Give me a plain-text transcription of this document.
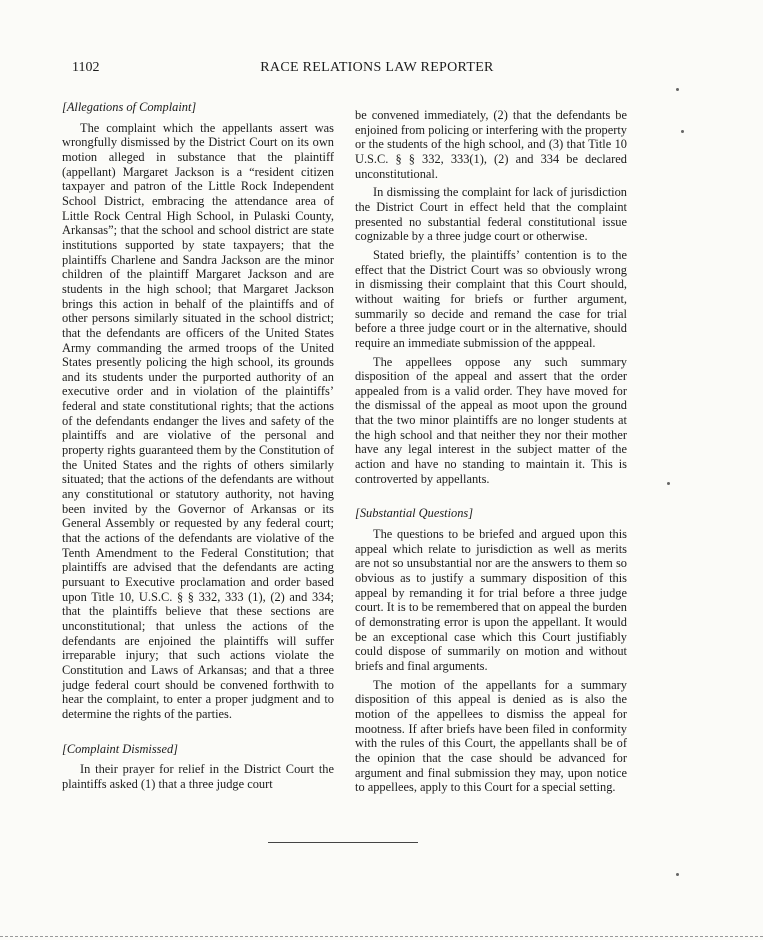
1102	RACE RELATIONS LAW REPORTER
[Allegations of Complaint]

The complaint which the appellants assert was wrongfully dismissed by the District Court on its own motion alleged in substance that the plaintiff (appellant) Margaret Jackson is a “resident citizen taxpayer and patron of the Little Rock Independent School District, embracing the attendance area of Little Rock Central High School, in Pulaski County, Arkansas”; that the school and school district are state institutions supported by state taxpayers; that the plaintiffs Charlene and Sandra Jackson are the minor children of the plaintiff Margaret Jackson and are students in the high school; that Margaret Jackson brings this action in behalf of the plaintiffs and of other persons similarly situated in the school district; that the defendants are officers of the United States Army commanding the armed troops of the United States presently policing the high school, its grounds and its students under the purported authority of an executive order and in violation of the plaintiffs’ federal and state constitutional rights; that the actions of the defendants endanger the lives and safety of the plaintiffs and are violative of the personal and property rights guaranteed them by the Constitution of the United States and the rights of others similarly situated; that the actions of the defendants are without any constitutional or statutory authority, not having been invited by the Governor of Arkansas or its General Assembly or requested by any federal court; that the actions of the defendants are violative of the Tenth Amendment to the Federal Constitution; that plaintiffs are advised that the defendants are acting pursuant to Executive proclamation and order based upon Title 10, U.S.C. § § 332, 333 (1), (2) and 334; that the plaintiffs believe that these sections are unconstitutional; that unless the actions of the defendants are enjoined the plaintiffs will suffer irreparable injury; that such actions violate the Constitution and Laws of Arkansas; and that a three judge federal court should be convened forthwith to hear the complaint, to enter a proper judgment and to determine the rights of the parties.

[Complaint Dismissed]

In their prayer for relief in the District Court the plaintiffs asked (1) that a three judge court

be convened immediately, (2) that the defendants be enjoined from policing or interfering with the property or the students of the high school, and (3) that Title 10 U.S.C. § § 332, 333(1), (2) and 334 be declared unconstitutional.

In dismissing the complaint for lack of jurisdiction the District Court in effect held that the complaint presented no substantial federal constitutional issue cognizable by a three judge court or otherwise.

Stated briefly, the plaintiffs’ contention is to the effect that the District Court was so obviously wrong in dismissing their complaint that this Court should, without waiting for briefs or further argument, summarily so decide and remand the case for trial before a three judge court or in the alternative, should require an immediate submission of the apppeal.

The appellees oppose any such summary disposition of the appeal and assert that the order appealed from is a valid order. They have moved for the dismissal of the appeal as moot upon the ground that the two minor plaintiffs are no longer students at the high school and that neither they nor their mother have any legal interest in the subject matter of the action and have no standing to maintain it. This is controverted by appellants.

[Substantial Questions]

The questions to be briefed and argued upon this appeal which relate to jurisdiction as well as merits are not so unsubstantial nor are the answers to them so obvious as to justify a summary disposition of this appeal by remanding it for trial before a three judge court. It is to be remembered that on appeal the burden of demonstrating error is upon the appellant. It would be an exceptional case which this Court justifiably could dispose of summarily on motion and without briefs and final arguments.

The motion of the appellants for a summary disposition of this appeal is denied as is also the motion of the appellees to dismiss the appeal for mootness. If after briefs have been filed in conformity with the rules of this Court, the appellants shall be of the opinion that the case should be advanced for argument and final submission they may, upon notice to appellees, apply to this Court for a special setting.
